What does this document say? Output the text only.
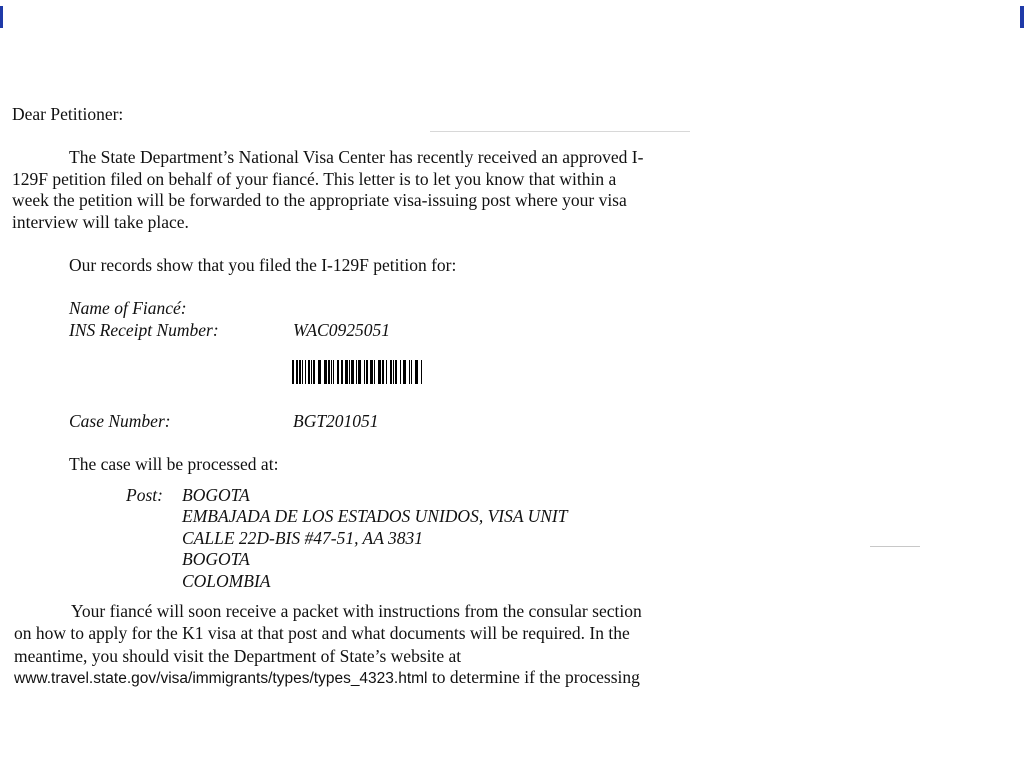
Dear Petitioner:
The State Department’s National Visa Center has recently received an approved I-
129F petition filed on behalf of your fiancé. This letter is to let you know that within a
week the petition will be forwarded to the appropriate visa-issuing post where your visa
interview will take place.
Our records show that you filed the I-129F petition for:
Name of Fiancé:
INS Receipt Number:	WAC0925051
Case Number:	BGT201051
The case will be processed at:
Post: BOGOTA
EMBAJADA DE LOS ESTADOS UNIDOS, VISA UNIT
CALLE 22D-BIS #47-51, AA 3831
BOGOTA
COLOMBIA
Your fiancé will soon receive a packet with instructions from the consular section
on how to apply for the K1 visa at that post and what documents will be required. In the
meantime, you should visit the Department of State’s website at
www.travel.state.gov/visa/immigrants/types/types_4323.html to determine if the processing
